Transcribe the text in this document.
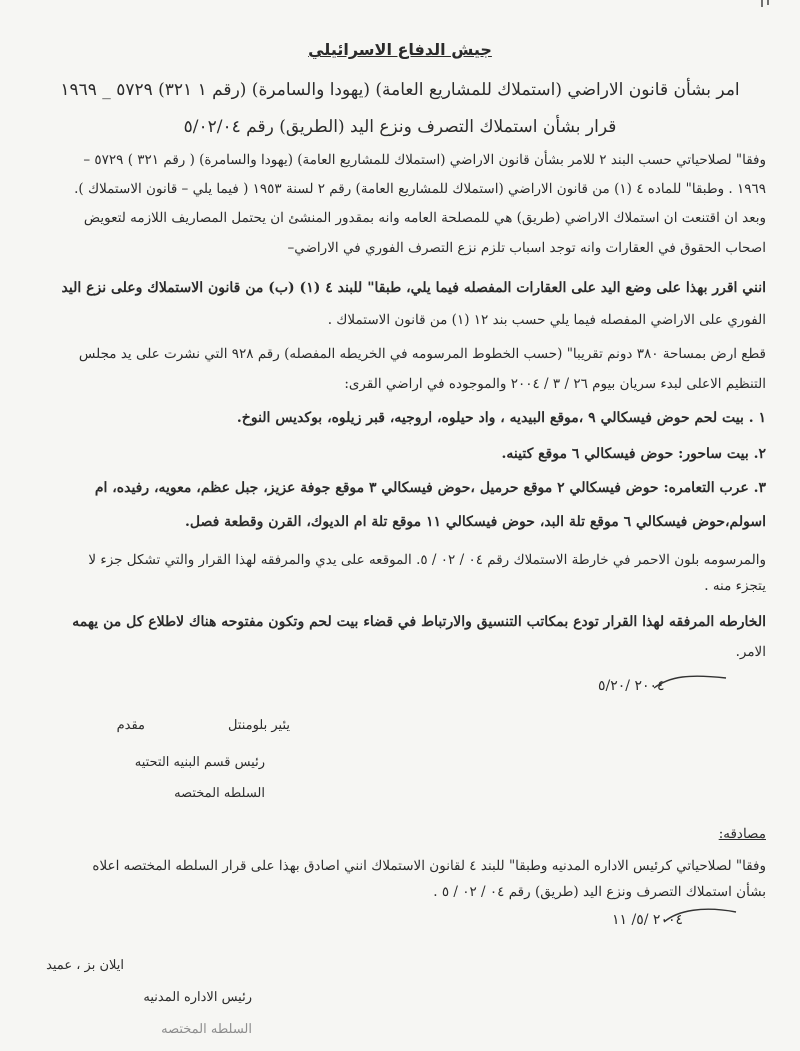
جيش الدفاع الاسرائيلي
امر بشأن قانون الاراضي (استملاك للمشاريع العامة) (يهودا والسامرة) (رقم ١ ٣٢١) ٥٧٢٩ _ ١٩٦٩
قرار بشأن استملاك التصرف ونزع اليد (الطريق) رقم ٥/٠٢/٠٤
وفقا" لصلاحياتي حسب البند ٢ للامر بشأن قانون الاراضي (استملاك للمشاريع العامة) (يهودا والسامرة) ( رقم ٣٢١ ) ٥٧٢٩ –
١٩٦٩ . وطبقا" للماده ٤ (١) من قانون الاراضي (استملاك للمشاريع العامة) رقم ٢ لسنة ١٩٥٣ ( فيما يلي – قانون الاستملاك ).
وبعد ان اقتنعت ان استملاك الاراضي (طريق) هي للمصلحة العامه وانه بمقدور المنشئ ان يحتمل المصاريف اللازمه لتعويض
اصحاب الحقوق في العقارات وانه توجد اسباب تلزم نزع التصرف الفوري في الاراضي–
انني اقرر بهذا على وضع اليد على العقارات المفصله فيما يلي، طبقا" للبند ٤ (١) (ب) من قانون الاستملاك وعلى نزع اليد
الفوري على الاراضي المفصله فيما يلي حسب بند ١٢ (١) من قانون الاستملاك .
قطع ارض بمساحة ٣٨٠ دونم تقريبا" (حسب الخطوط المرسومه في الخريطه المفصله) رقم ٩٢٨ التي نشرت على يد مجلس
التنظيم الاعلى لبدء سريان بيوم ٢٦ / ٣ / ٢٠٠٤ والموجوده في اراضي القرى:
١ . بيت لحم حوض فيسكالي ٩ ،موقع البيديه ، واد حيلوه، اروجيه، قبر زيلوه، بوكديس النوخ.
٢. بيت ساحور: حوض فيسكالي ٦ موقع كتينه.
٣. عرب التعامره: حوض فيسكالي ٢ موقع حرميل ،حوض فيسكالي ٣ موقع جوفة عزيز، جبل عظم، معويه، رفيده، ام
اسولم،حوض فيسكالي ٦ موقع تلة البد، حوض فيسكالي ١١ موقع تلة ام الديوك، القرن وقطعة فصل.
والمرسومه بلون الاحمر في خارطة الاستملاك رقم ٠٤ / ٠٢ / ٥. الموقعه على يدي والمرفقه لهذا القرار والتي تشكل جزء لا
يتجزء منه .
الخارطه المرفقه لهذا القرار تودع بمكاتب التنسيق والارتباط في قضاء بيت لحم وتكون مفتوحه هناك لاطلاع كل من يهمه
الامر.
٢٠٠٤ /٥/٢٠
يئير بلومنتل
مقدم
رئيس قسم البنيه التحتيه
السلطه المختصه
مصادقه:
وفقا" لصلاحياتي كرئيس الاداره المدنيه وطبقا" للبند ٤ لقانون الاستملاك انني اصادق بهذا على قرار السلطه المختصه اعلاه
بشأن استملاك التصرف ونزع اليد (طريق) رقم ٠٤ / ٠٢ / ٥ .
٢٠٠٤ /٥/ ١١
ايلان بز ، عميد
رئيس الاداره المدنيه
السلطه المختصه
